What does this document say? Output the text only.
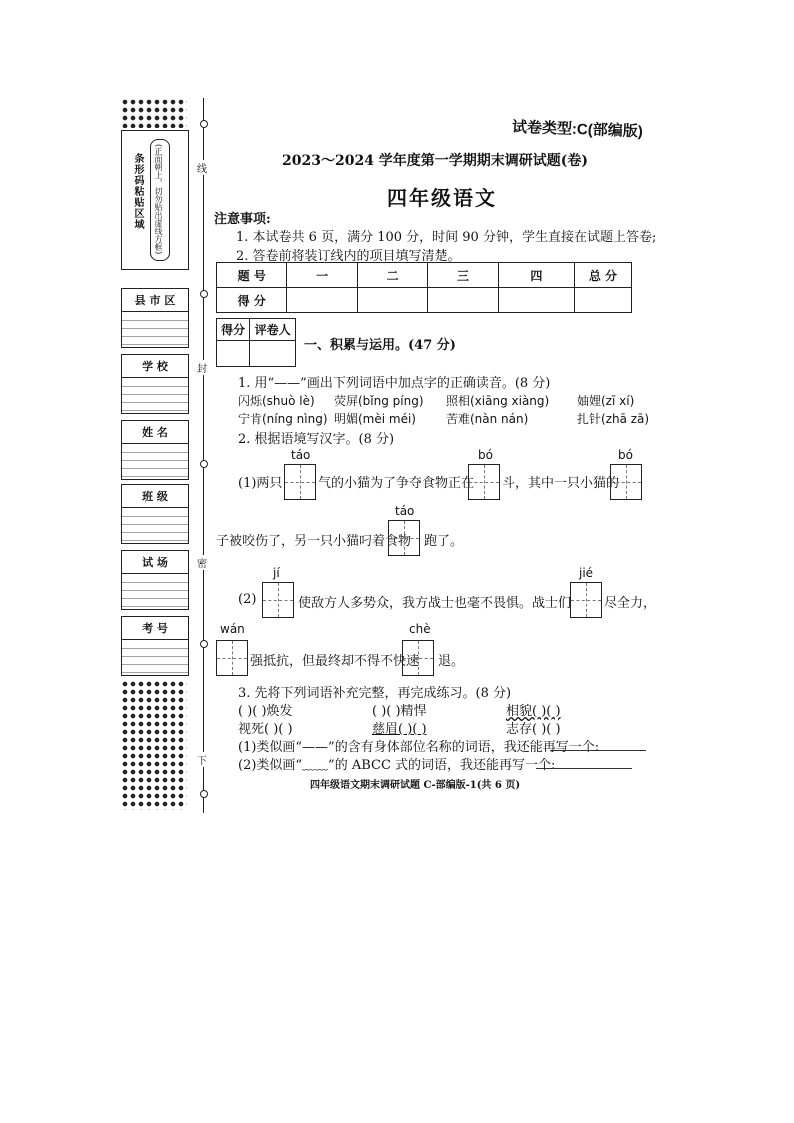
条形码粘贴区域 (正面朝上，切勿贴出虚线方框)
县 市 区
学 校
姓 名
班 级
试 场
考 号
线
封
密
下
试卷类型:C(部编版)
2023～2024 学年度第一学期期末调研试题(卷)
四年级语文
注意事项:
1. 本试卷共 6 页，满分 100 分，时间 90 分钟，学生直接在试题上答卷;
2. 答卷前将装订线内的项目填写清楚。
题 号	一	二	三	四	总 分
得 分					
得分	评卷人

一、积累与运用。(47 分)
1. 用“——”画出下列词语中加点字的正确读音。(8 分)
闪烁(shuò lè) 荧屏(bǐng píng) 照相(xiāng xiàng) 妯娌(zī xí)
宁肯(níng nìng) 明媚(mèi méi)	苦难(nàn nán)	扎针(zhā zā)
2. 根据语境写汉字。(8 分)
(1)两只
táo
气的小猫为了争夺食物正在
bó
斗，其中一只小猫的
bó
子被咬伤了，另一只小猫叼着食物
táo
跑了。
(2)
jí
使敌方人多势众，我方战士也毫不畏惧。战士们
jié
尽全力，
wán
强抵抗，但最终却不得不快速
chè
退。
3. 先将下列词语补充完整，再完成练习。(8 分)
( )( )焕发	( )( )精悍	相貌( )( )
视死( )( )	慈眉( )( )	志存( )( )
(1)类似画“——”的含有身体部位名称的词语，我还能再写一个:
(2)类似画“﹏﹏”的 ABCC 式的词语，我还能再写一个:
四年级语文期末调研试题 C-部编版-1(共 6 页)
